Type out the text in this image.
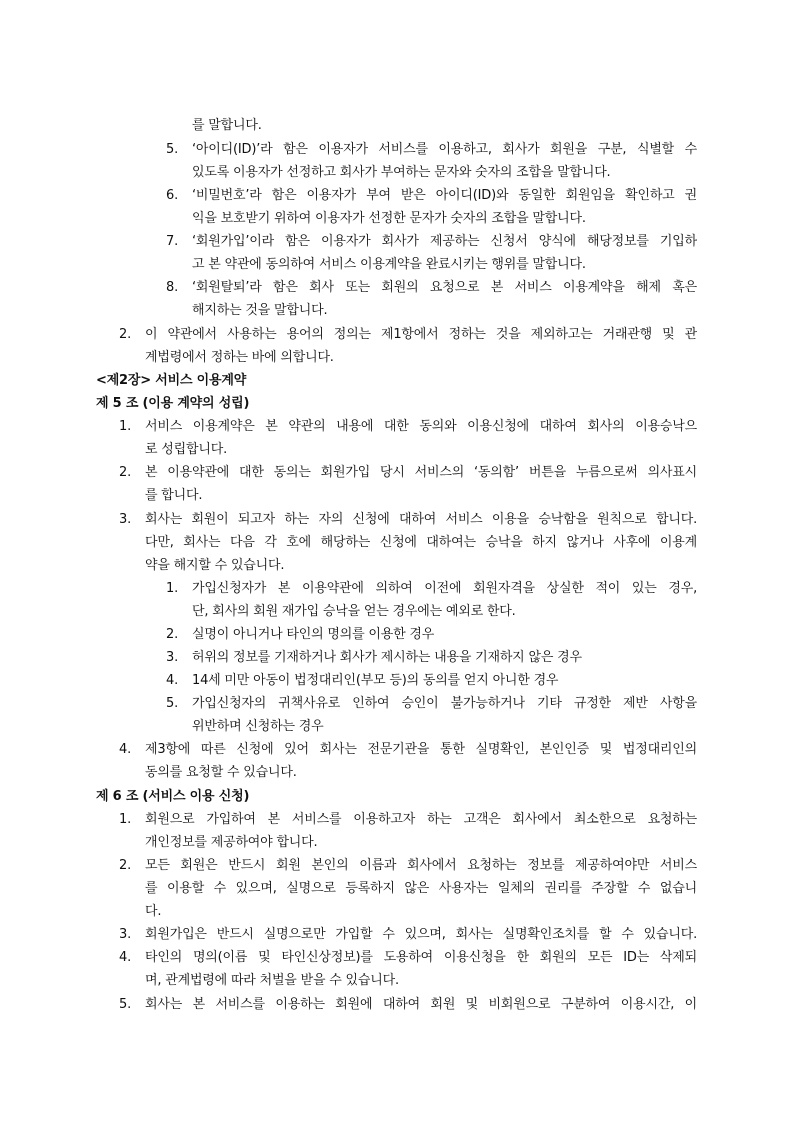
를 말합니다.
5. ‘아이디(ID)’라 함은 이용자가 서비스를 이용하고, 회사가 회원을 구분, 식별할 수
있도록 이용자가 선정하고 회사가 부여하는 문자와 숫자의 조합을 말합니다.
6. ‘비밀번호’라 함은 이용자가 부여 받은 아이디(ID)와 동일한 회원임을 확인하고 권
익을 보호받기 위하여 이용자가 선정한 문자가 숫자의 조합을 말합니다.
7. ‘회원가입’이라 함은 이용자가 회사가 제공하는 신청서 양식에 해당정보를 기입하
고 본 약관에 동의하여 서비스 이용계약을 완료시키는 행위를 말합니다.
8. ‘회원탈퇴’라 함은 회사 또는 회원의 요청으로 본 서비스 이용계약을 해제 혹은
해지하는 것을 말합니다.
2. 이 약관에서 사용하는 용어의 정의는 제1항에서 정하는 것을 제외하고는 거래관행 및 관
계법령에서 정하는 바에 의합니다.
<제2장> 서비스 이용계약
제 5 조 (이용 계약의 성립)
1. 서비스 이용계약은 본 약관의 내용에 대한 동의와 이용신청에 대하여 회사의 이용승낙으
로 성립합니다.
2. 본 이용약관에 대한 동의는 회원가입 당시 서비스의 ‘동의함’ 버튼을 누름으로써 의사표시
를 합니다.
3. 회사는 회원이 되고자 하는 자의 신청에 대하여 서비스 이용을 승낙함을 원칙으로 합니다.
다만, 회사는 다음 각 호에 해당하는 신청에 대하여는 승낙을 하지 않거나 사후에 이용계
약을 해지할 수 있습니다.
1. 가입신청자가 본 이용약관에 의하여 이전에 회원자격을 상실한 적이 있는 경우,
단, 회사의 회원 재가입 승낙을 얻는 경우에는 예외로 한다.
2. 실명이 아니거나 타인의 명의를 이용한 경우
3. 허위의 정보를 기재하거나 회사가 제시하는 내용을 기재하지 않은 경우
4. 14세 미만 아동이 법정대리인(부모 등)의 동의를 얻지 아니한 경우
5. 가입신청자의 귀책사유로 인하여 승인이 불가능하거나 기타 규정한 제반 사항을
위반하며 신청하는 경우
4. 제3항에 따른 신청에 있어 회사는 전문기관을 통한 실명확인, 본인인증 및 법정대리인의
동의를 요청할 수 있습니다.
제 6 조 (서비스 이용 신청)
1. 회원으로 가입하여 본 서비스를 이용하고자 하는 고객은 회사에서 최소한으로 요청하는
개인정보를 제공하여야 합니다.
2. 모든 회원은 반드시 회원 본인의 이름과 회사에서 요청하는 정보를 제공하여야만 서비스
를 이용할 수 있으며, 실명으로 등록하지 않은 사용자는 일체의 권리를 주장할 수 없습니
다.
3. 회원가입은 반드시 실명으로만 가입할 수 있으며, 회사는 실명확인조치를 할 수 있습니다.
4. 타인의 명의(이름 및 타인신상정보)를 도용하여 이용신청을 한 회원의 모든 ID는 삭제되
며, 관계법령에 따라 처벌을 받을 수 있습니다.
5. 회사는 본 서비스를 이용하는 회원에 대하여 회원 및 비회원으로 구분하여 이용시간, 이
